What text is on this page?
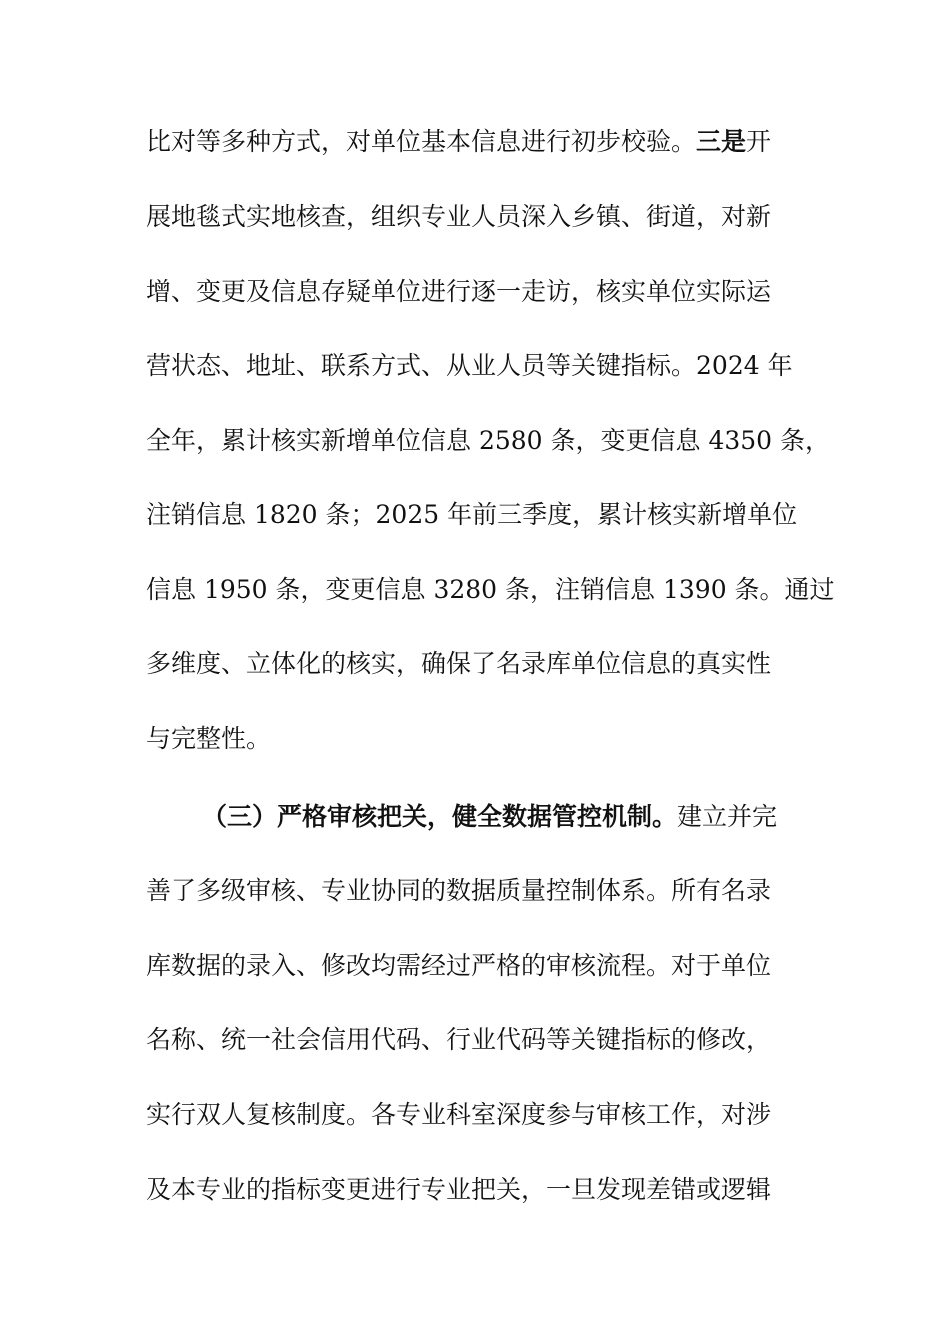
比对等多种方式，对单位基本信息进行初步校验。三是开
展地毯式实地核查，组织专业人员深入乡镇、街道，对新
增、变更及信息存疑单位进行逐一走访，核实单位实际运
营状态、地址、联系方式、从业人员等关键指标。2024 年
全年，累计核实新增单位信息 2580 条，变更信息 4350 条，
注销信息 1820 条；2025 年前三季度，累计核实新增单位
信息 1950 条，变更信息 3280 条，注销信息 1390 条。通过
多维度、立体化的核实，确保了名录库单位信息的真实性
与完整性。
（三）严格审核把关，健全数据管控机制。建立并完
善了多级审核、专业协同的数据质量控制体系。所有名录
库数据的录入、修改均需经过严格的审核流程。对于单位
名称、统一社会信用代码、行业代码等关键指标的修改，
实行双人复核制度。各专业科室深度参与审核工作，对涉
及本专业的指标变更进行专业把关，一旦发现差错或逻辑
